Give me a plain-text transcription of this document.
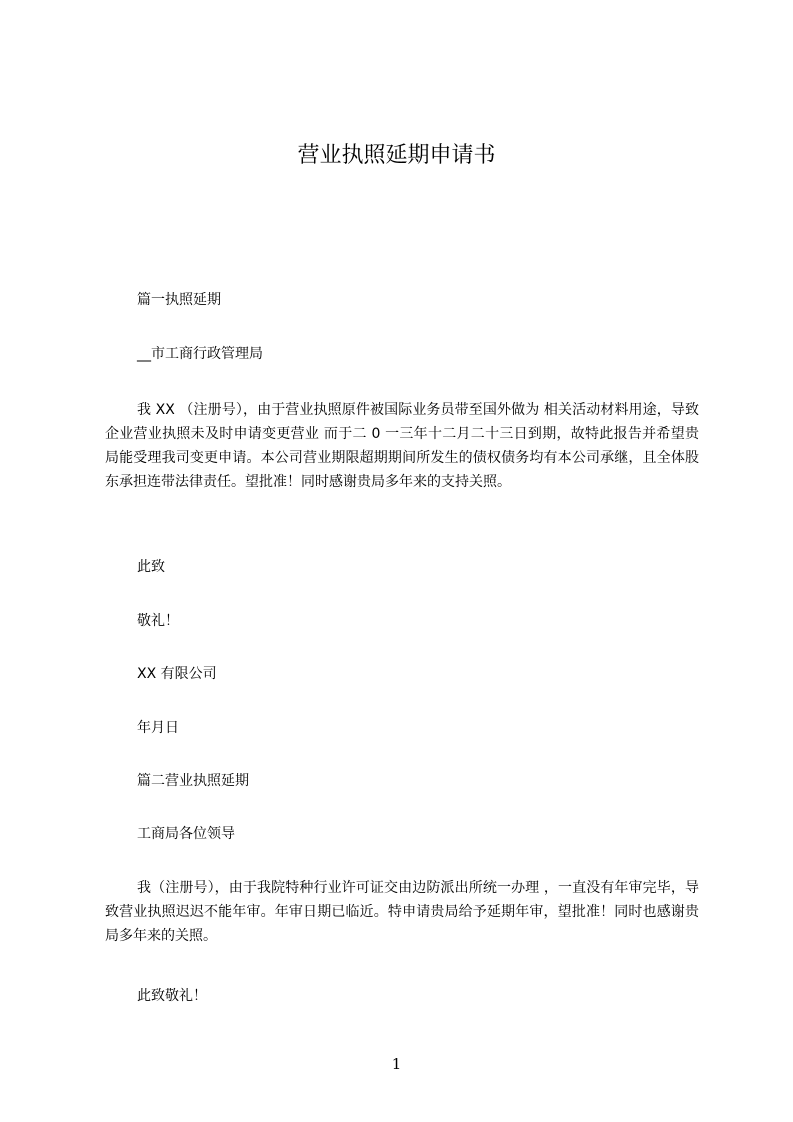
营业执照延期申请书
篇一执照延期
__市工商行政管理局

我 XX （注册号），由于营业执照原件被国际业务员带至国外做为 相关活动材料用途，导致企业营业执照未及时申请变更营业 而于二 0 一三年十二月二十三日到期，故特此报告并希望贵局能受理我司变更申请。本公司营业期限超期期间所发生的债权债务均有本公司承继，且全体股东承担连带法律责任。望批准！同时感谢贵局多年来的支持关照。

此致
敬礼！
XX 有限公司
年月日
篇二营业执照延期
工商局各位领导

我（注册号），由于我院特种行业许可证交由边防派出所统一办理 ，一直没有年审完毕，导致营业执照迟迟不能年审。年审日期已临近。特申请贵局给予延期年审，望批准！同时也感谢贵局多年来的关照。

此致敬礼！
1
